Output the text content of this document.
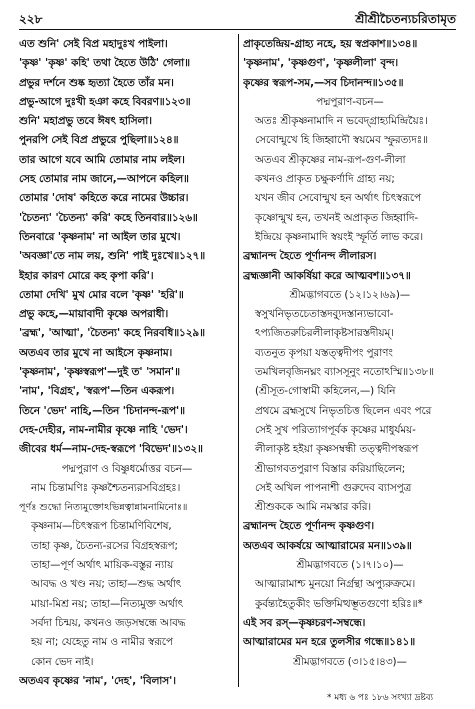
২২৮	শ্রীশ্রীচৈতন্যচরিতামৃত
এত শুনি' সেই বিপ্র মহাদুঃখ পাইলা।
'কৃষ্ণ' 'কৃষ্ণ' কহি' তথা হৈতে উঠি' গেলা॥
প্রভুর দর্শনে শুষ্ক হৃত্যা হৈতে তাঁর মন।
প্রভু-আগে দুঃখী হঞা কহে বিবরণ॥১২৩॥
শুনি' মহাপ্রভু তবে ঈষৎ হাসিলা।
পুনরপি সেই বিপ্র প্রভুরে পুছিলা॥১২৪॥
তার আগে যবে আমি তোমার নাম লইল।
সেহ তোমার নাম জানে,—আপনে কহিল॥
তোমার 'দোষ' কহিতে করে নামের উচ্চার।
'চৈতন্য' 'চৈতন্য' করি' কহে তিনবার॥১২৬॥
তিনবারে 'কৃষ্ণনাম' না আইল তার মুখে।
'অবজ্ঞা'তে নাম লয়, শুনি' পাই দুঃখে॥১২৭॥
ইহার কারণ মোরে কহ কৃপা করি'।
তোমা দেখি' মুখ মোর বলে 'কৃষ্ণ' 'হরি'॥
প্রভু কহে,—মায়াবাদী কৃষ্ণে অপরাধী।
'ব্রহ্ম', 'আত্মা', 'চৈতন্য' কহে নিরবধি॥১২৯॥
অতএব তার মুখে না আইসে কৃষ্ণনাম।
'কৃষ্ণনাম', 'কৃষ্ণস্বরূপ'—দুই ত' 'সমান'॥
'নাম', 'বিগ্রহ', 'স্বরূপ'—তিন একরূপ।
তিনে 'ভেদ' নাহি,—তিন 'চিদানন্দ-রূপ'॥
দেহ-দেহীর, নাম-নামীর কৃষ্ণে নাহি 'ভেদ'।
জীবের ধর্ম—নাম-দেহ-স্বরূপে 'বিভেদ'॥১৩২॥
পদ্মপুরাণ ও বিষ্ণুধর্মোত্তর বচন—
নাম চিন্তামণিঃ কৃষ্ণশ্চৈতন্যরসবিগ্রহঃ।
পূর্ণঃ শুদ্ধো নিত্যমুক্তোঽভিন্নত্বান্নামনামিনোঃ॥
কৃষ্ণনাম—চিৎস্বরূপ চিন্তামণিবিশেষ,
তাহা কৃষ্ণ, চৈতন্য-রসের বিগ্রহস্বরূপ;
তাহা—পূর্ণ অর্থাৎ মায়িক-বস্তুর ন্যায়
আবদ্ধ ও খণ্ড নয়; তাহা—শুদ্ধ অর্থাৎ
মায়া-মিশ্র নয়; তাহা—নিত্যমুক্ত অর্থাৎ
সর্বদা চিন্ময়, কখনও জড়সম্বন্ধে আবদ্ধ
হয় না; যেহেতু নাম ও নামীর স্বরূপে
কোন ভেদ নাই।
অতএব কৃষ্ণের 'নাম', 'দেহ', 'বিলাস'।
প্রাকৃতেন্দ্রিয়-গ্রাহ্য নহে, হয় স্বপ্রকাশ॥১৩৪॥
'কৃষ্ণনাম', 'কৃষ্ণগুণ', 'কৃষ্ণলীলা' বৃন্দ।
কৃষ্ণের স্বরূপ-সম,—সব চিদানন্দ॥১৩৫॥
পদ্মপুরাণ-বচন—
অতঃ শ্রীকৃষ্ণনামাদি ন ভবেদ্গ্রাহ্যমিন্দ্রিয়ৈঃ।
সেবোন্মুখে হি জিহ্বাদৌ স্বয়মেব স্ফুরত্যদঃ॥
অতএব শ্রীকৃষ্ণের নাম-রূপ-গুণ-লীলা
কখনও প্রাকৃত চক্ষুকর্ণাদি গ্রাহ্য নয়;
যখন জীব সেবোন্মুখ হন অর্থাৎ চিৎস্বরূপে
কৃষ্ণোন্মুখ হন, তখনই অপ্রাকৃত জিহ্বাদি-
ইন্দ্রিয়ে কৃষ্ণনামাদি স্বয়ংই স্ফূর্তি লাভ করে।
ব্রহ্মানন্দ হৈতে পূর্ণানন্দ লীলারস।
ব্রহ্মজ্ঞানী আকর্ষিয়া করে আত্মবশ॥১৩৭॥
শ্রীমদ্ভাগবতে (১২।১২।৬৯)—
স্বসুখনিভৃতচেতাস্তদ্ব্যুদস্তান্যভাবো-
ঽপ্যজিতরুচিরলীলাকৃষ্টসারস্তদীয়ম্।
ব্যতনুত কৃপয়া যস্তত্ত্বদীপং পুরাণং
তমখিলবৃজিনঘ্নং ব্যাসসূনুং নতোঽস্মি॥১৩৮॥
(শ্রীসূত-গোস্বামী কহিলেন,—) যিনি
প্রথমে ব্রহ্মসুখে নিভৃতচিত্ত ছিলেন এবং পরে
সেই সুখ পরিত্যাগপূর্বক কৃষ্ণের মাধুর্যময়-
লীলাকৃষ্ট হইয়া কৃষ্ণসম্বন্ধী তত্ত্বদীপস্বরূপ
শ্রীভাগবতপুরাণ বিস্তার করিয়াছিলেন;
সেই অখিল পাপনাশী গুরুদেব ব্যাসপুত্র
শ্রীশুককে আমি নমস্কার করি।
ব্রহ্মানন্দ হৈতে পূর্ণানন্দ কৃষ্ণগুণ।
অতএব আকর্ষয়ে আত্মারামের মন॥১৩৯॥
শ্রীমদ্ভাগবতে (১।৭।১০)—
আত্মারামাশ্চ মুনয়ো নির্গ্রন্থা অপ্যুরুক্রমে।
কুর্বন্ত্যহৈতুকীং ভক্তিমিত্থম্ভূতগুণো হরিঃ॥*
এই সব রস্—কৃষ্ণচরণ-সম্বন্ধে।
আত্মারামের মন হরে তুলসীর গন্ধে॥১৪১॥
শ্রীমদ্ভাগবতে (৩।১৫।৪৩)—
* মধ্য ৬ পঃ ১৮৬ সংখ্যা দ্রষ্টব্য
